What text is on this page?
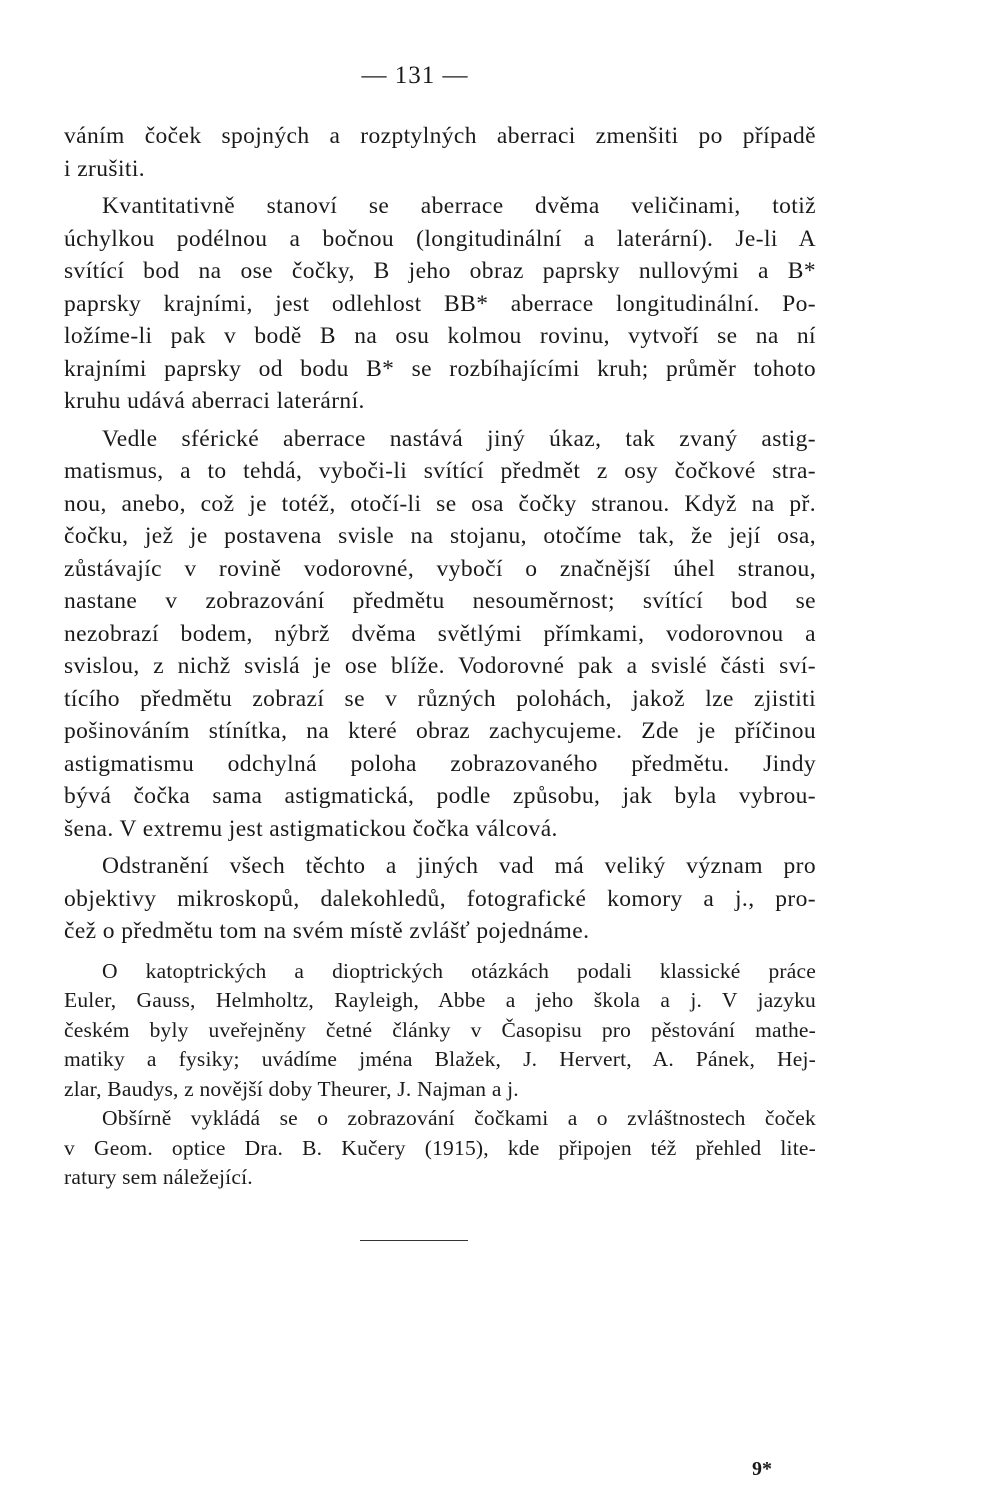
— 131 —
váním čoček spojných a rozptylných aberraci zmenšiti po případě
i zrušiti.
Kvantitativně stanoví se aberrace dvěma veličinami, totiž
úchylkou podélnou a bočnou (longitudinální a laterární). Je-li A
svítící bod na ose čočky, B jeho obraz paprsky nullovými a B*
paprsky krajními, jest odlehlost BB* aberrace longitudinální. Po-
ložíme-li pak v bodě B na osu kolmou rovinu, vytvoří se na ní
krajními paprsky od bodu B* se rozbíhajícími kruh; průměr tohoto
kruhu udává aberraci laterární.
Vedle sférické aberrace nastává jiný úkaz, tak zvaný astig-
matismus, a to tehdá, vyboči-li svítící předmět z osy čočkové stra-
nou, anebo, což je totéž, otočí-li se osa čočky stranou. Když na př.
čočku, jež je postavena svisle na stojanu, otočíme tak, že její osa,
zůstávajíc v rovině vodorovné, vybočí o značnější úhel stranou,
nastane v zobrazování předmětu nesouměrnost; svítící bod se
nezobrazí bodem, nýbrž dvěma světlými přímkami, vodorovnou a
svislou, z nichž svislá je ose blíže. Vodorovné pak a svislé části sví-
tícího předmětu zobrazí se v různých polohách, jakož lze zjistiti
pošinováním stínítka, na které obraz zachycujeme. Zde je příčinou
astigmatismu odchylná poloha zobrazovaného předmětu. Jindy
bývá čočka sama astigmatická, podle způsobu, jak byla vybrou-
šena. V extremu jest astigmatickou čočka válcová.
Odstranění všech těchto a jiných vad má veliký význam pro
objektivy mikroskopů, dalekohledů, fotografické komory a j., pro-
čež o předmětu tom na svém místě zvlášť pojednáme.
O katoptrických a dioptrických otázkách podali klassické práce
Euler, Gauss, Helmholtz, Rayleigh, Abbe a jeho škola a j. V jazyku
českém byly uveřejněny četné články v Časopisu pro pěstování mathe-
matiky a fysiky; uvádíme jména Blažek, J. Hervert, A. Pánek, Hej-
zlar, Baudys, z novější doby Theurer, J. Najman a j.
Obšírně vykládá se o zobrazování čočkami a o zvláštnostech čoček
v Geom. optice Dra. B. Kučery (1915), kde připojen též přehled lite-
ratury sem náležející.
9*
